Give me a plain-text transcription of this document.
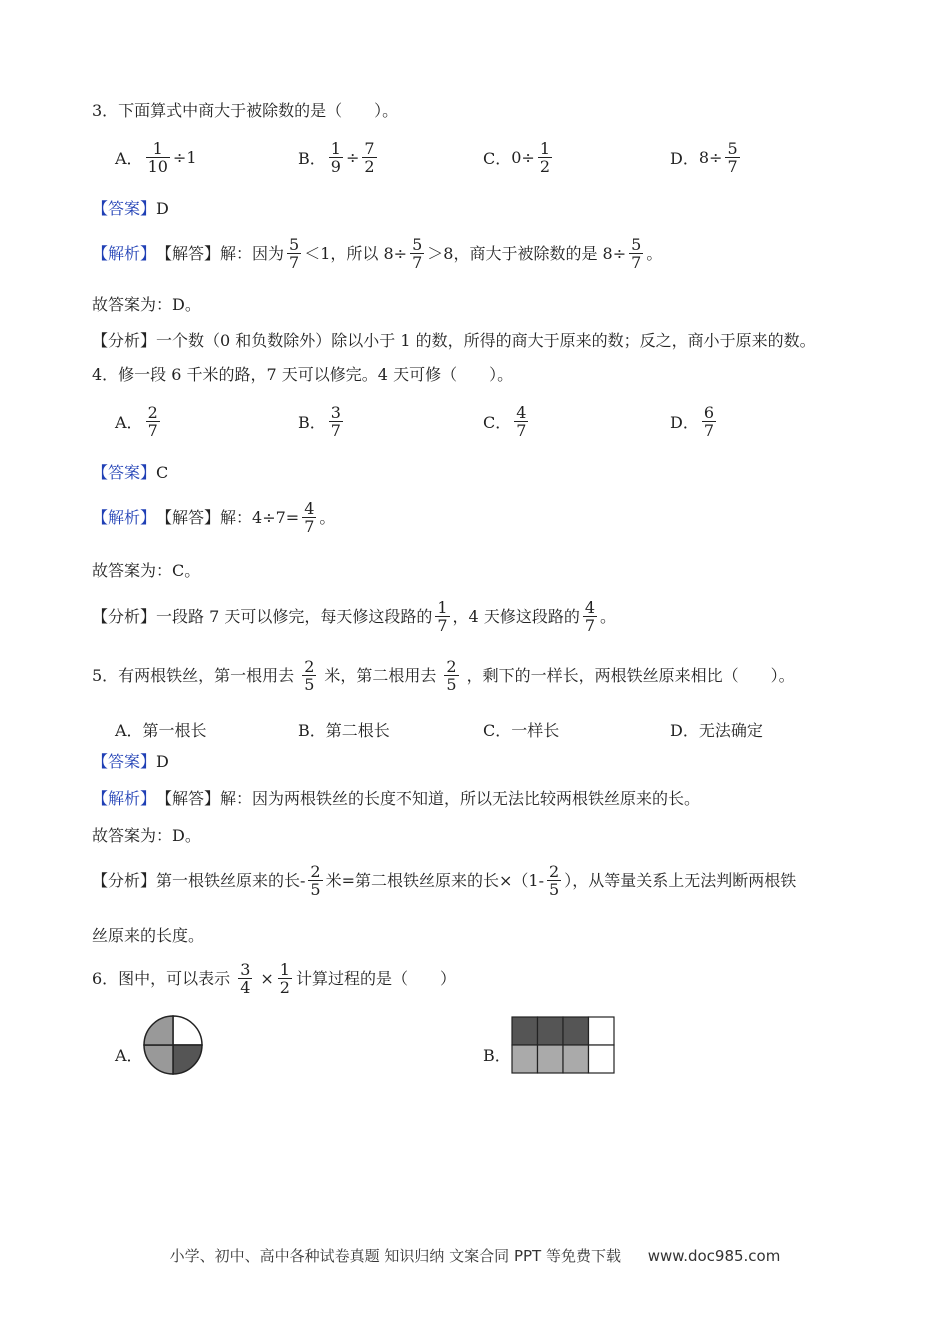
3．下面算式中商大于被除数的是（　　）。
A． $\frac{1}{10} \div 1$	B． $\frac{1}{9} \div \frac{7}{2}$	C． $0\div \frac{1}{2}$	D． $8\div \frac{5}{7}$
【答案】 D
【解析】 【解答】 解：因为 $\frac{5}{7} <1$，所以 $8\div \frac{5}{7} >8$，商大于被除数的是 $8\div \frac{5}{7}$ 。
故答案为：D。
【分析】一个数（0 和负数除外）除以小于 1 的数，所得的商大于原来的数；反之，商小于原来的数。
4．修一段 6 千米的路，7 天可以修完。4 天可修（　　）。
A． $\frac{2}{7}$	B． $\frac{3}{7}$	C． $\frac{4}{7}$	D． $\frac{6}{7}$
【答案】 C
【解析】 【解答】 解：$4\div 7= \frac{4}{7}$ 。
故答案为：C。
【分析】一段路 7 天可以修完，每天修这段路的 $\frac{1}{7}$ ，4 天修这段路的 $\frac{4}{7}$ 。
5．有两根铁丝，第一根用去 $\frac{2}{5}$ 米，第二根用去 $\frac{2}{5}$ ，剩下的一样长，两根铁丝原来相比（　　）。
A．第一根长	B．第二根长	C．一样长	D．无法确定
【答案】 D
【解析】 【解答】 解：因为两根铁丝的长度不知道，所以无法比较两根铁丝原来的长。
故答案为：D。
【分析】第一根铁丝原来的长- $\frac{2}{5}$ 米=第二根铁丝原来的长$\times(1- \frac{2}{5}$ ），从等量关系上无法判断两根铁
丝原来的长度。
6．图中，可以表示 $\frac{3}{4} \times \frac{1}{2}$ 计算过程的是（　　）
A．	B．
小学、初中、高中各种试卷真题 知识归纳 文案合同 PPT 等免费下载 www.doc985.com
